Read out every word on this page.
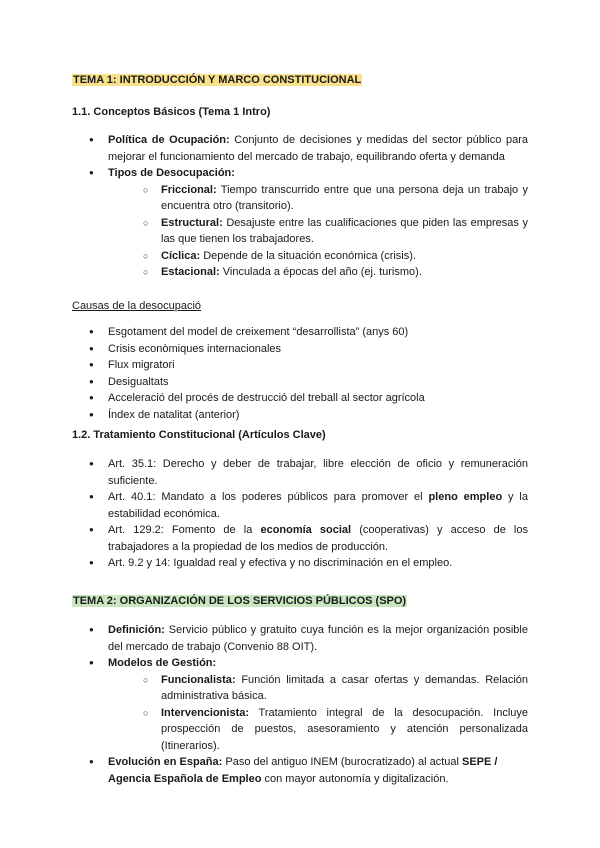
TEMA 1: INTRODUCCIÓN Y MARCO CONSTITUCIONAL
1.1. Conceptos Básicos (Tema 1 Intro)
● Política de Ocupación: Conjunto de decisiones y medidas del sector público para mejorar el funcionamiento del mercado de trabajo, equilibrando oferta y demanda
● Tipos de Desocupación:
○ Friccional: Tiempo transcurrido entre que una persona deja un trabajo y encuentra otro (transitorio).
○ Estructural: Desajuste entre las cualificaciones que piden las empresas y las que tienen los trabajadores.
○ Cíclica: Depende de la situación económica (crisis).
○ Estacional: Vinculada a épocas del año (ej. turismo).
Causas de la desocupació
● Esgotament del model de creixement “desarrollista” (anys 60)
● Crisis econòmiques internacionales
● Flux migratori
● Desigualtats
● Acceleració del procés de destrucció del treball al sector agrícola
● Índex de natalitat (anterior)
1.2. Tratamiento Constitucional (Artículos Clave)
● Art. 35.1: Derecho y deber de trabajar, libre elección de oficio y remuneración suficiente.
● Art. 40.1: Mandato a los poderes públicos para promover el pleno empleo y la estabilidad económica.
● Art. 129.2: Fomento de la economía social (cooperativas) y acceso de los trabajadores a la propiedad de los medios de producción.
● Art. 9.2 y 14: Igualdad real y efectiva y no discriminación en el empleo.
TEMA 2: ORGANIZACIÓN DE LOS SERVICIOS PÚBLICOS (SPO)
● Definición: Servicio público y gratuito cuya función es la mejor organización posible del mercado de trabajo (Convenio 88 OIT).
● Modelos de Gestión:
○ Funcionalista: Función limitada a casar ofertas y demandas. Relación administrativa básica.
○ Intervencionista: Tratamiento integral de la desocupación. Incluye prospección de puestos, asesoramiento y atención personalizada (Itinerarios).
● Evolución en España: Paso del antiguo INEM (burocratizado) al actual SEPE / Agencia Española de Empleo con mayor autonomía y digitalización.
